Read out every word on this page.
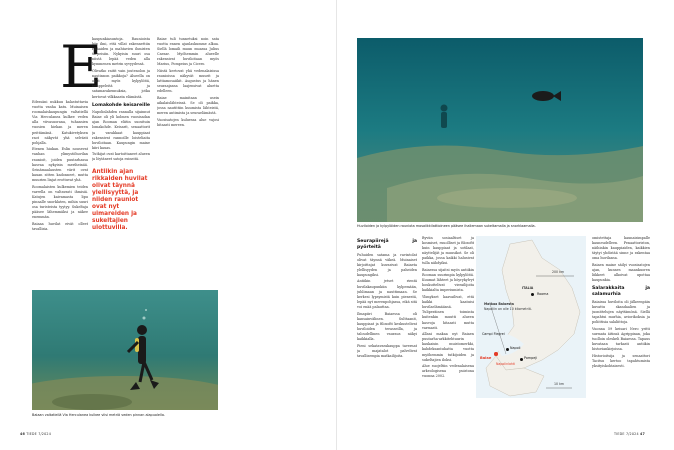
E

Edessäni nukkuu kalastuttavia vuotta vanha katu. Muinaisen roomalaiskaupungin valtatiellä Via Herculanea kulkee veden alla viivasuorana, tuhansien vuosien hiekan ja meren peittämänä. Katukivetyksen raot näkyvät yhä selvästi pohjalla.

Etenen hiukan. Eslin nousevat vanhan ylimystöhuvilan raunioit, joiden puutarhassa kasvaa nykyisin meriheinää. Seinämaalausten värit ovat kauan sitten kadonneet, mutta muurien linjat erottuvat yhä.

Roomalaisten kulkemien teiden varrella on valtavasti ihmisiä. Katujen kaivamasta lipu pinnalle snorklaten, mihin suuri osa turisteista tyytyy. Sukeltaja pääsee lähemmäksi ja näkee enemmän.

Baiaaa huvilat eivät olleet tavallisia.

kaupunkiasuntoja. Raunioista käy ilmi, että villat rakennettiin rikkaiden ja mahtavien ihmisten tarpeisiin. Nykyisin suuri osa niistä lepää veden alla kymmenen metrin syvyydessä.

Olivatko raitit vain joutenolon ja nautinnon paikkoja? Alueella on ollut myös kylpylöitä, temppeleitä ja satamarakennuksia, jotka kertovat vilkkaasta elämästä.

Lomakohde keisareille

Napolinlahden rannalla sijainnut Baiae oli yli kolmen vuosisadan ajan Rooman eliitin suosituin lomakohde. Keisarit, senaattorit ja varakkaat kauppiaat rakensivat rannoille loisteliaita huviloitaan. Kaupungin maine kiiri kauas.

Tutkijat ovat kartoittaneet alueen ja löytäneet satoja esineitä.

Antiikin ajan rikkaiden huvilat olivat täynnä ylellisyyttä, ja niiden rauniot ovat nyt uimareiden ja sukeltajien ulottuvilla.

Baiae tuli tunnetuksi noin sata vuotta ennen ajanlaskumme alkua. Siellä lomaili muun muassa Julius Caesar. Myöhemmin alueelle rakensivat huviloitaan myös Marius, Pompeius ja Cicero.

Niistä kertovat yhä vedenalaisissa raunioissa näkyvät muurit ja lattiamosaiikit. Augustus ja hänen seuraajansa laajensivat aluetta edelleen.

Baiae mainitaan usein aikalaislähteissä. Se oli paikka, jossa nautittiin kuumista lähteistä, meren antimista ja seuraelämästä.

Vuosisatojen kuluessa alue vajosi hitaasti mereen.

Baiaan valtatiellä Via Herculanea kulkee viisi metriä veden pinnan alapuolella.
46 TIEDE 7/2024
Huviloiden ja kylpylöiden rauniota mosaiikkilattioineen pääsee ihailemaan sukeltamalla ja snorklaamalla.
Seurapiirejä ja pyörteitä

Puhuiden satama ja ravintolat olivat täynnä väkeä. Muinaiset kirjoittajat kuvasivat Baiaeta ylellisyyden ja paheiden kaupungiksi.

Antiikin jetset rientä huvilakaupunkiin kylpemään, juhlimaan ja nauttimaan. Se kerkesi lypsymistä kuin pienestä, lepää nyt merenpohjassa, eikä sitä voi enää palauttaa.

Ilmapiiri Baiaessa oli kansainvälinen. Sulttaanit, kauppiaat ja filosofit keskustelivat huviloiden terasseilla, ja taloudellinen vauraus näkyi kaikkialla.

Pieni sekatavarakauppa tavernat ja majatalot palvelivat tavallisempia matkailijoita.

Byviin sosiaaltiset ja kosmiset, ruuolliset ja filosofit kuin kauppiaat ja sotilaat, näyttelijät ja muusikot. Se oli paikka, jossa kaikki halusivat tulla nähdyiksi.

Baiaessa sijaitsi myös antiikin Rooman suurimpia kylpylöitä. Kuumat lähteet ja höyrykylvyt houkuttelivat vierailijoita kaikkialta imperiumista.

Ylimykset kaavailivat, että kaikki kaatuisi huvilaelämäänsä. Tuliperäinen toiminta kuitenkin muutti alueen kasvoja hitaasti mutta varmasti.

Allani makaa nyt Baiaen puutarha-arkkitehtuurin kaukaisin muistomerkki, kahdeksantuhatta vuotta myöhemmin tutkijoiden ja sukeltajien iloksi.

Alue suojeltiin vedenalaisena arkeologisena puistona vuonna 2002.

200 km
ITALIA
Rooma
Matkaa Baiaesta
Napoliin on alle 10 kilometriä.
Campi Flegrei
Napoli
Baiae	Pompeji
Napolinlahti
10 km

omistettaja kaunaisimpalle kauneudelleen. Penaattoriston, näihinkin kauppiaiden, kaikkien täytyi yhdistää sinne ja rakentaa oma huvilansa.

Baiaen maine säilyi vuosisatojen ajan, kunnes maankuoren liikkeet alkoivat upottaa kaupunkia.

Salarakkaita ja salamurhia

Baiaissa huviloita oli jälkeenpäin kuvattu skandaalien ja juonittelujen näyttämönä. Siellä tapahtui murhia, aviorikoksia ja poliittisia salaliittoja.

Vuonna 59 keisari Nero yritti surmata äitinsä Agrippinan, joka tuolloin oleskeli Baiaessa. Tapaus kuvataan tarkasti antiikin historiankirjoissa.

Historioitsija ja senaattori Tacitus kertoo tapahtumista yksityiskohtaisesti.

TIEDE 7/2024 47
